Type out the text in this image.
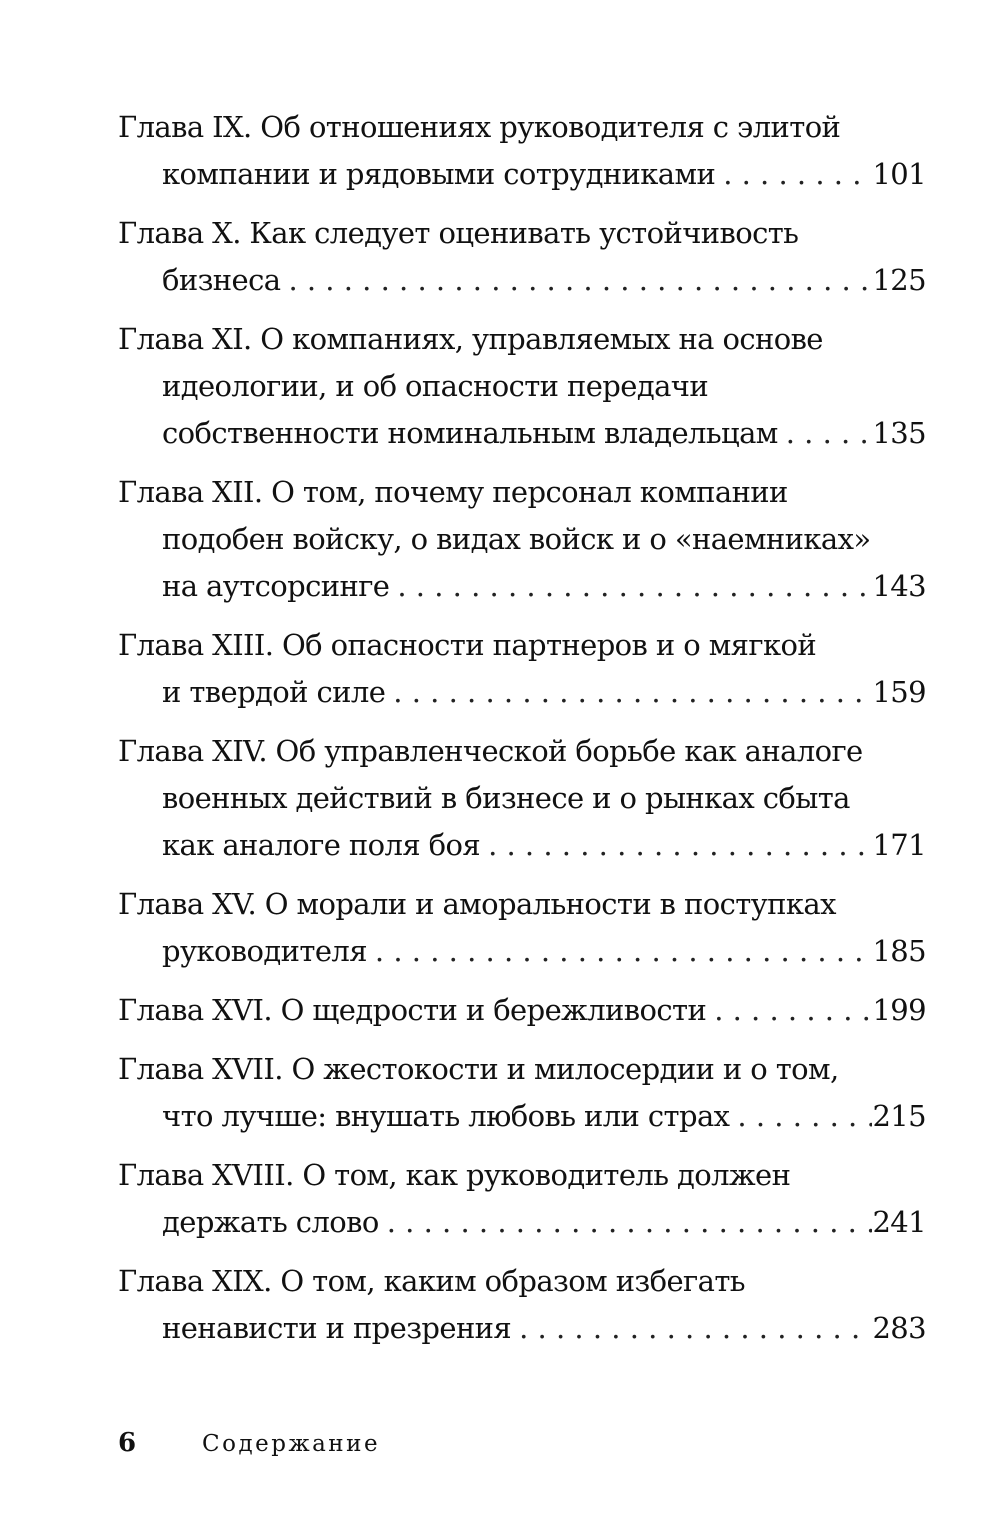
Глава IX. Об отношениях руководителя с элитой
компании и рядовыми сотрудниками . . .	101
Глава X. Как следует оценивать устойчивость
бизнеса . . .	125
Глава XI. О компаниях, управляемых на основе
идеологии, и об опасности передачи
собственности номинальным владельцам . . .	135
Глава XII. О том, почему персонал компании
подобен войску, о видах войск и о «наемниках»
на аутсорсинге . . .	143
Глава XIII. Об опасности партнеров и о мягкой
и твердой силе . . .	159
Глава XIV. Об управленческой борьбе как аналоге
военных действий в бизнесе и о рынках сбыта
как аналоге поля боя . . .	171
Глава XV. О морали и аморальности в поступках
руководителя . . .	185
Глава XVI. О щедрости и бережливости . . .	199
Глава XVII. О жестокости и милосердии и о том,
что лучше: внушать любовь или страх . . .	215
Глава XVIII. О том, как руководитель должен
держать слово . . .	241
Глава XIX. О том, каким образом избегать
ненависти и презрения . . .	283
6	Содержание
